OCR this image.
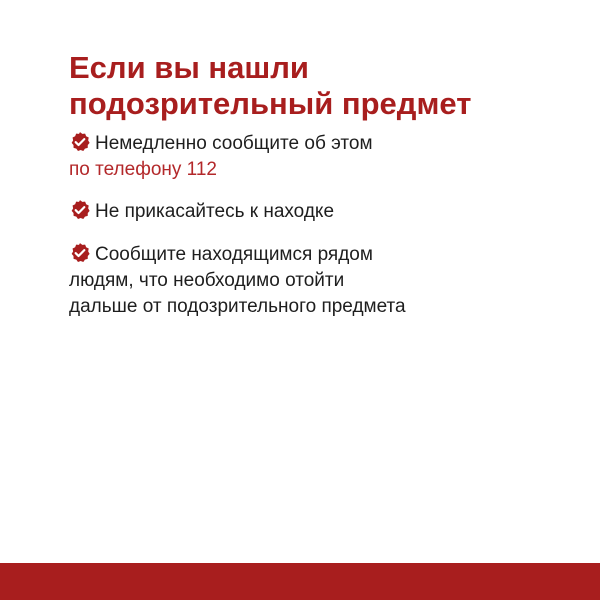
Если вы нашли
подозрительный предмет
Немедленно сообщите об этом
по телефону 112
Не прикасайтесь к находке
Сообщите находящимся рядом
людям, что необходимо отойти
дальше от подозрительного предмета
